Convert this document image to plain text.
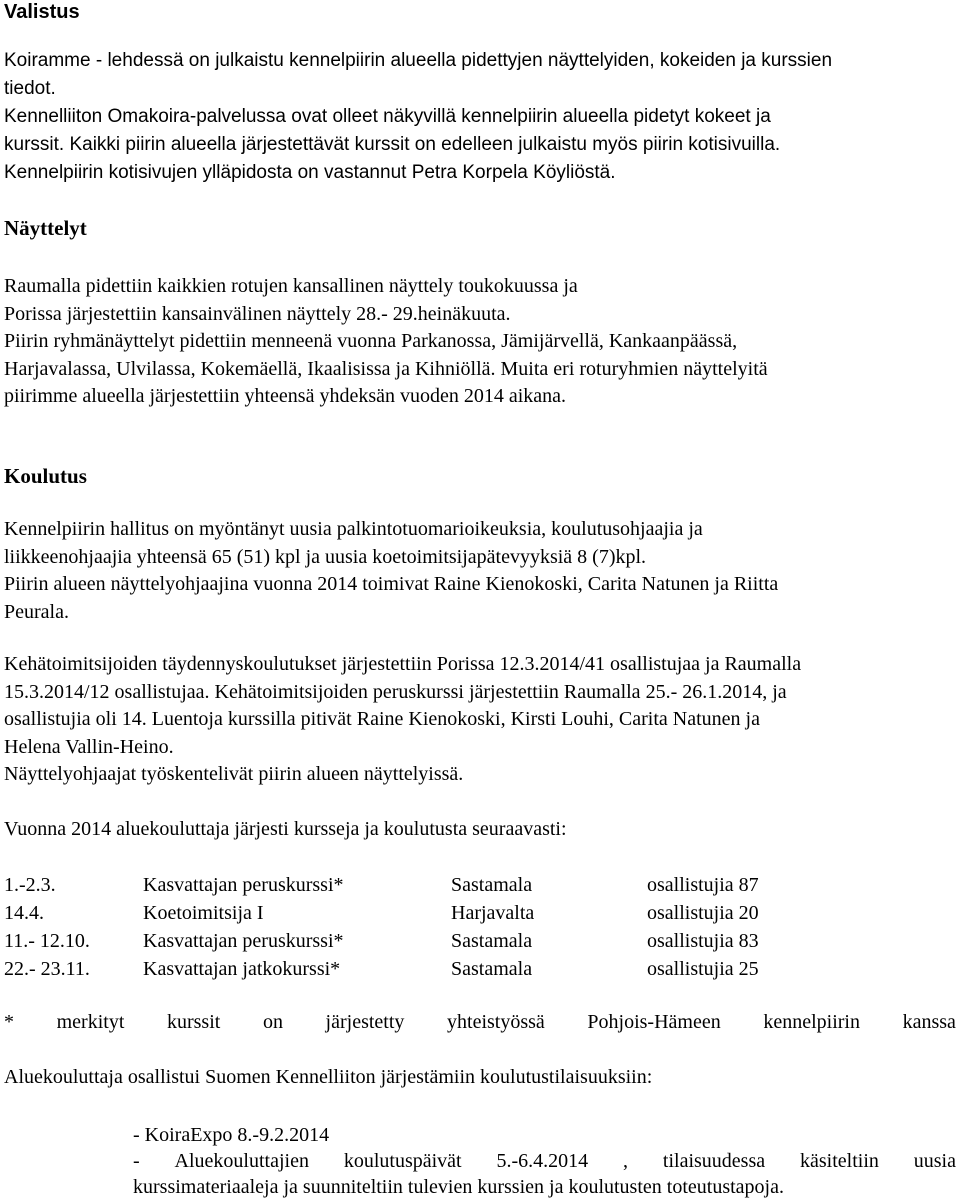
Valistus
Koiramme - lehdessä on julkaistu kennelpiirin alueella pidettyjen näyttelyiden, kokeiden ja kurssien
tiedot.
Kennelliiton Omakoira-palvelussa ovat olleet näkyvillä kennelpiirin alueella pidetyt kokeet ja
kurssit. Kaikki piirin alueella järjestettävät kurssit on edelleen julkaistu myös piirin kotisivuilla.
Kennelpiirin kotisivujen ylläpidosta on vastannut Petra Korpela Köyliöstä.
Näyttelyt
Raumalla pidettiin kaikkien rotujen kansallinen näyttely toukokuussa ja
Porissa järjestettiin kansainvälinen näyttely 28.- 29.heinäkuuta.
Piirin ryhmänäyttelyt pidettiin menneenä vuonna Parkanossa, Jämijärvellä, Kankaanpäässä,
Harjavalassa, Ulvilassa, Kokemäellä, Ikaalisissa ja Kihniöllä. Muita eri roturyhmien näyttelyitä
piirimme alueella järjestettiin yhteensä yhdeksän vuoden 2014 aikana.
Koulutus
Kennelpiirin hallitus on myöntänyt uusia palkintotuomarioikeuksia, koulutusohjaajia ja
liikkeenohjaajia yhteensä 65 (51) kpl ja uusia koetoimitsijapätevyyksiä 8 (7)kpl.
Piirin alueen näyttelyohjaajina vuonna 2014 toimivat Raine Kienokoski, Carita Natunen ja Riitta
Peurala.
Kehätoimitsijoiden täydennyskoulutukset järjestettiin Porissa 12.3.2014/41 osallistujaa ja Raumalla
15.3.2014/12 osallistujaa. Kehätoimitsijoiden peruskurssi järjestettiin Raumalla 25.- 26.1.2014, ja
osallistujia oli 14. Luentoja kurssilla pitivät Raine Kienokoski, Kirsti Louhi, Carita Natunen ja
Helena Vallin-Heino.
Näyttelyohjaajat työskentelivät piirin alueen näyttelyissä.
Vuonna 2014 aluekouluttaja järjesti kursseja ja koulutusta seuraavasti:
1.-2.3.	Kasvattajan peruskurssi*	Sastamala	osallistujia 87
14.4.	Koetoimitsija I	Harjavalta	osallistujia 20
11.- 12.10.	Kasvattajan peruskurssi*	Sastamala	osallistujia 83
22.- 23.11.	Kasvattajan jatkokurssi*	Sastamala	osallistujia 25
* merkityt kurssit on järjestetty yhteistyössä Pohjois-Hämeen kennelpiirin kanssa
Aluekouluttaja osallistui Suomen Kennelliiton järjestämiin koulutustilaisuuksiin:
- KoiraExpo 8.-9.2.2014
- Aluekouluttajien koulutuspäivät 5.-6.4.2014 , tilaisuudessa käsiteltiin uusia
kurssimateriaaleja ja suunniteltiin tulevien kurssien ja koulutusten toteutustapoja.
